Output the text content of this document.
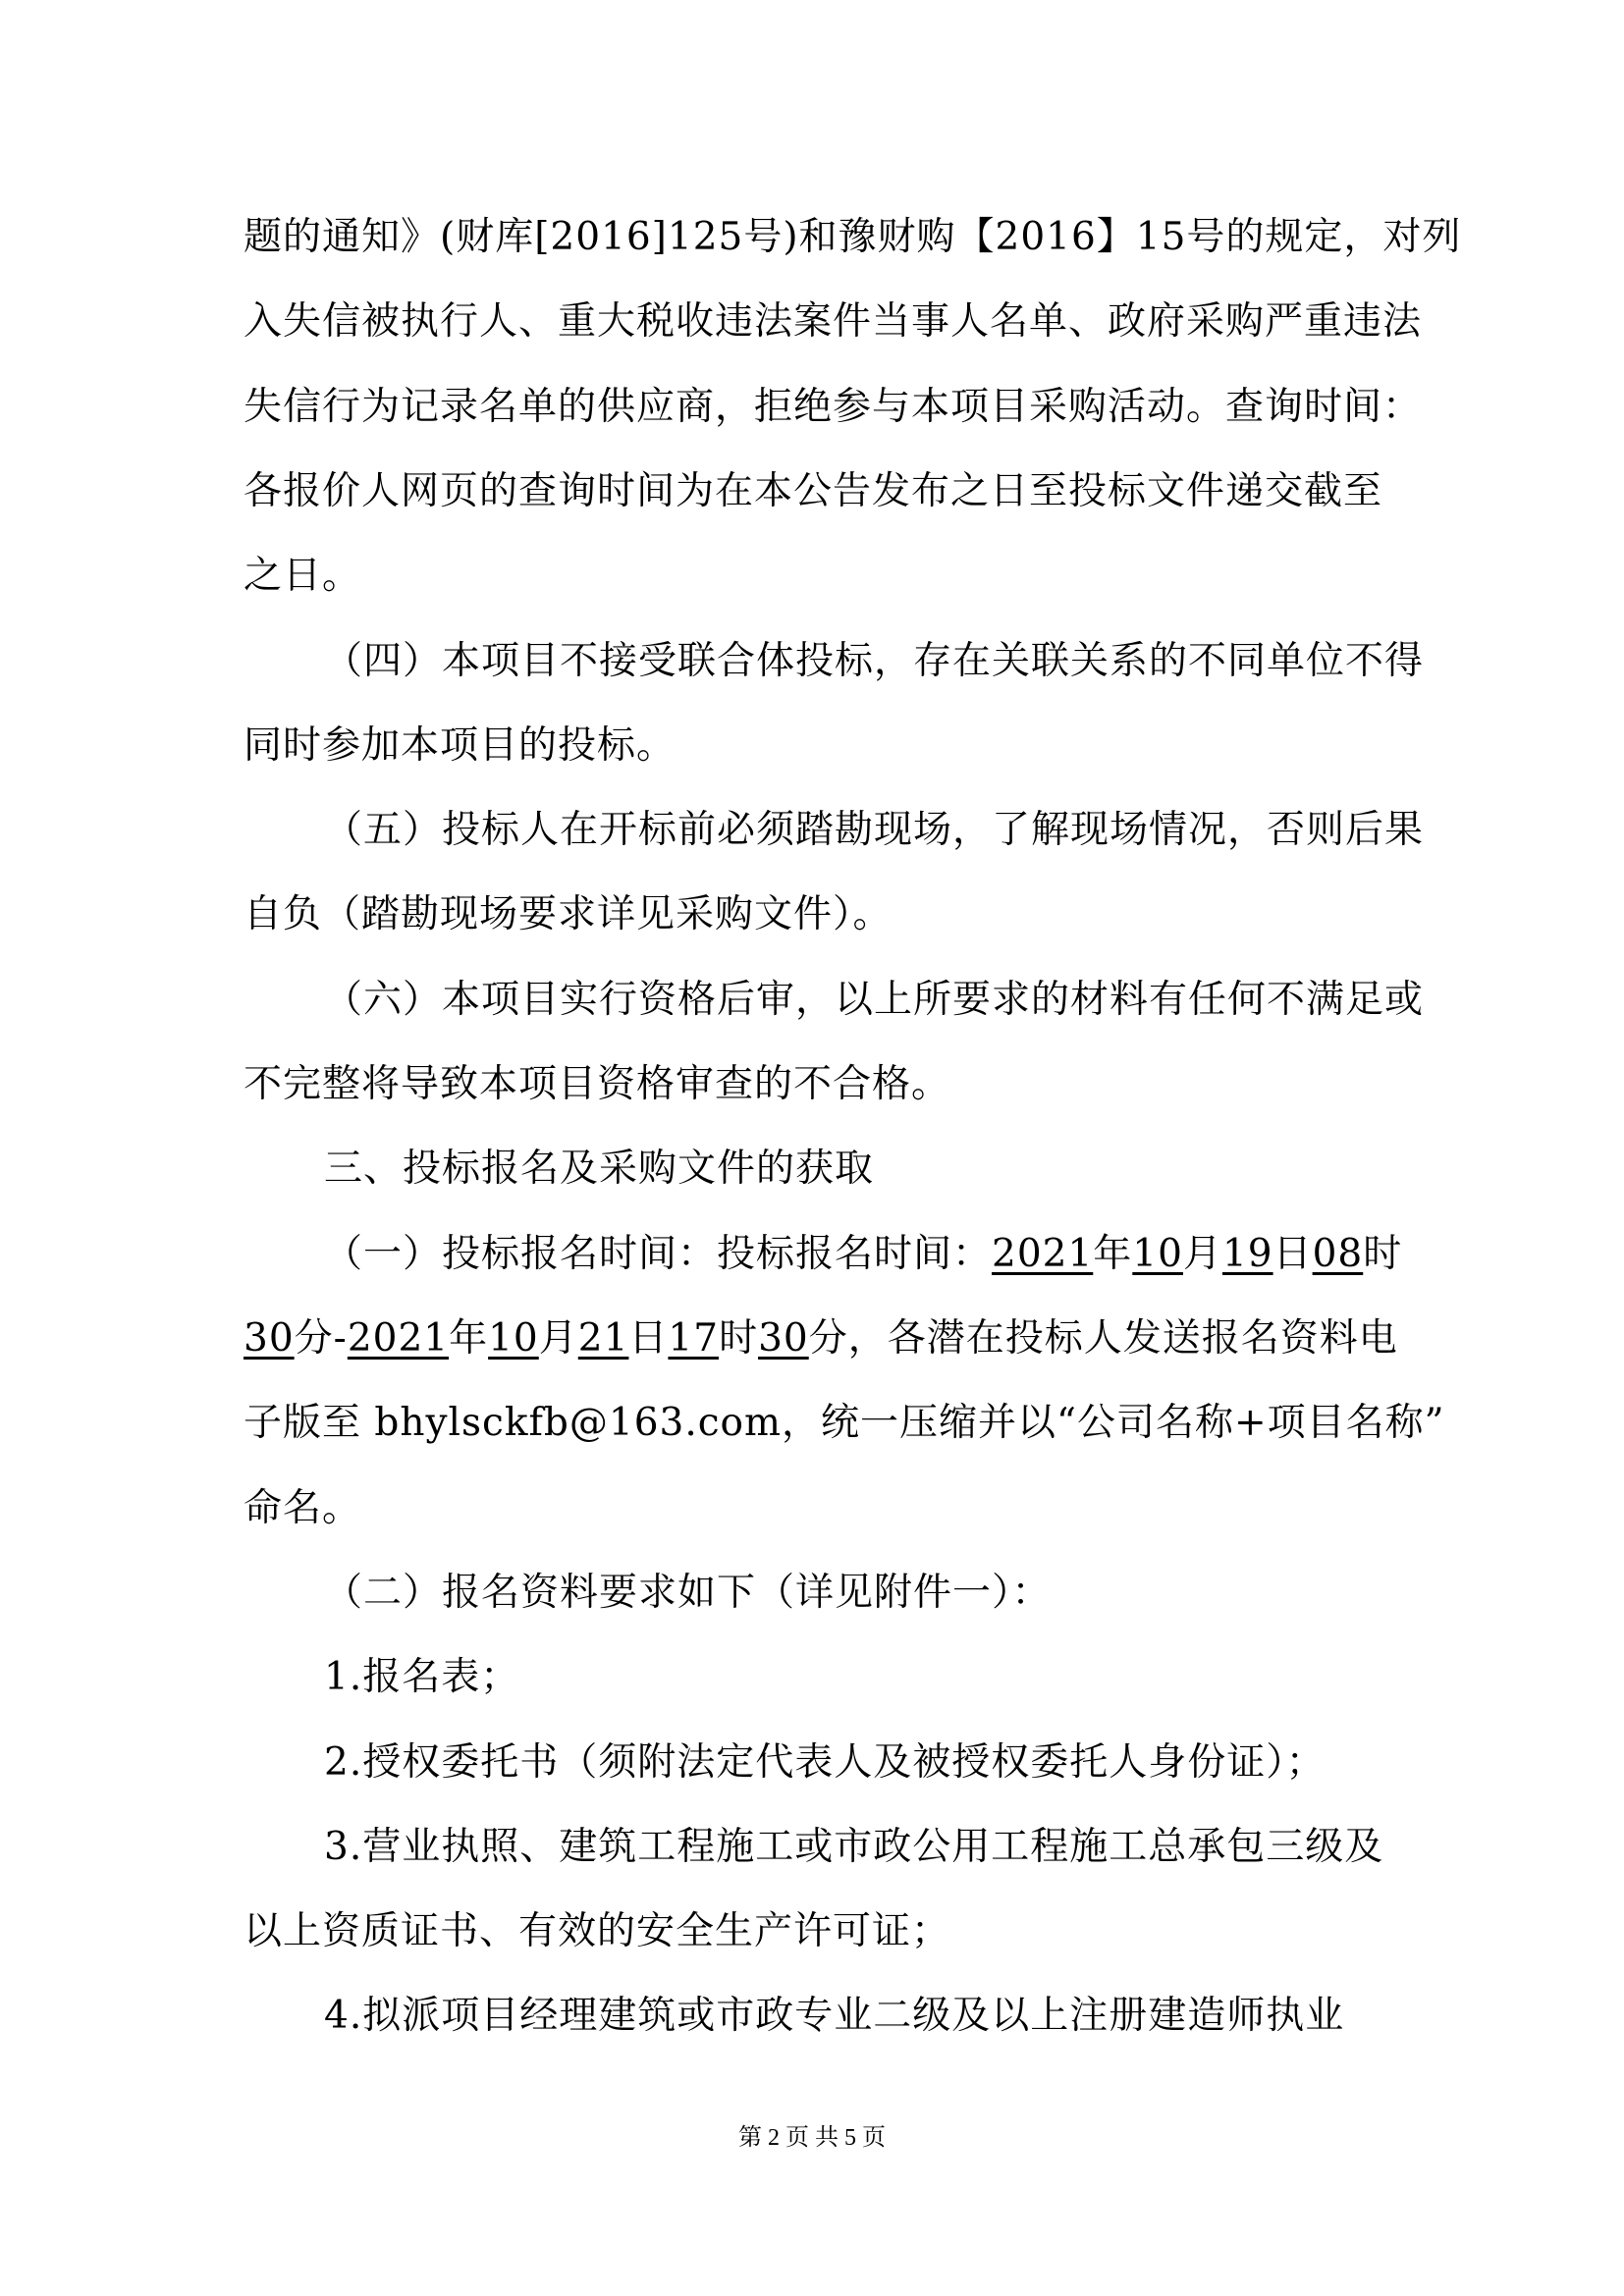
题的通知》(财库[2016]125号)和豫财购【2016】15号的规定，对列
入失信被执行人、重大税收违法案件当事人名单、政府采购严重违法
失信行为记录名单的供应商，拒绝参与本项目采购活动。查询时间：
各报价人网页的查询时间为在本公告发布之日至投标文件递交截至
之日。
（四）本项目不接受联合体投标，存在关联关系的不同单位不得
同时参加本项目的投标。
（五）投标人在开标前必须踏勘现场，了解现场情况，否则后果
自负（踏勘现场要求详见采购文件）。
（六）本项目实行资格后审，以上所要求的材料有任何不满足或
不完整将导致本项目资格审查的不合格。
三、投标报名及采购文件的获取
（一）投标报名时间：投标报名时间：2021年10月19日08时
30分-2021年10月21日17时30分，各潜在投标人发送报名资料电
子版至 bhylsckfb@163.com，统一压缩并以“公司名称+项目名称”
命名。
（二）报名资料要求如下（详见附件一）：
1.报名表；
2.授权委托书（须附法定代表人及被授权委托人身份证）；
3.营业执照、建筑工程施工或市政公用工程施工总承包三级及
以上资质证书、有效的安全生产许可证；
4.拟派项目经理建筑或市政专业二级及以上注册建造师执业
第 2 页 共 5 页
